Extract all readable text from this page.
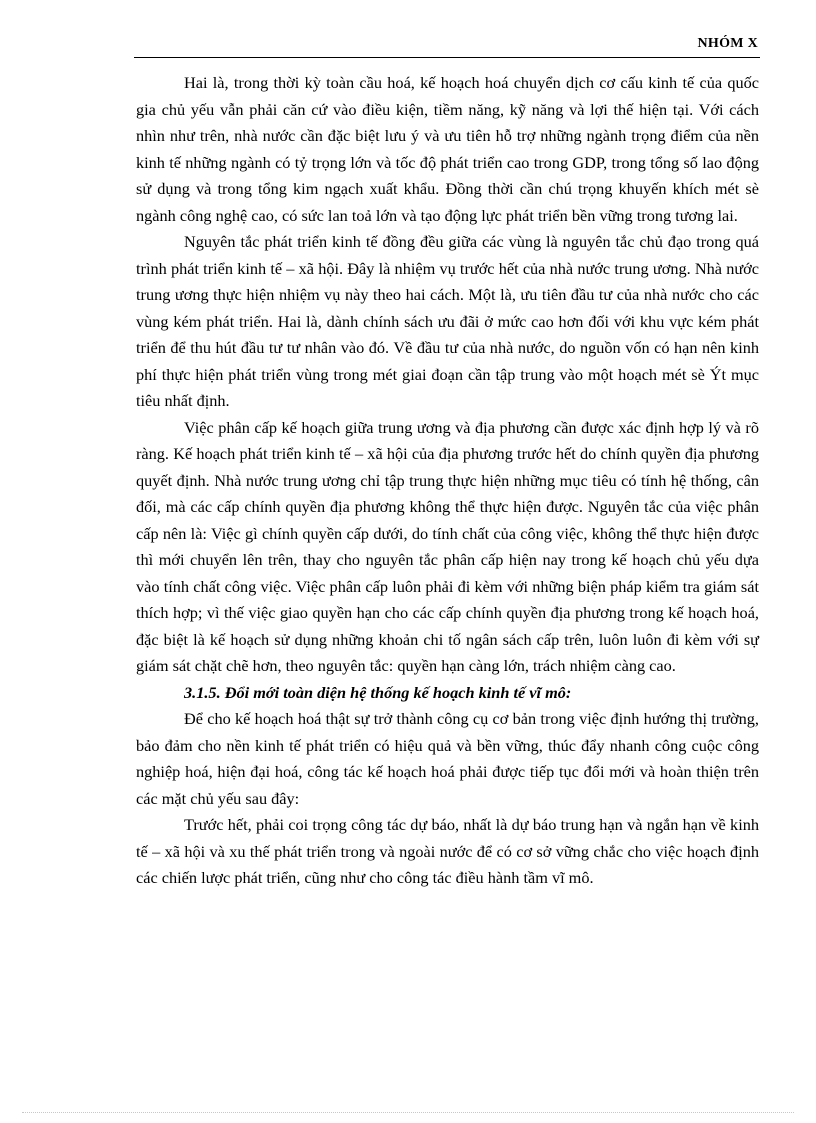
NHÓM X

Hai là, trong thời kỳ toàn cầu hoá, kế hoạch hoá chuyển dịch cơ cấu kinh tế của quốc gia chủ yếu vẫn phải căn cứ vào điều kiện, tiềm năng, kỹ năng và lợi thế hiện tại. Với cách nhìn như trên, nhà nước cần đặc biệt lưu ý và ưu tiên hỗ trợ những ngành trọng điểm của nền kinh tế những ngành có tỷ trọng lớn và tốc độ phát triển cao trong GDP, trong tổng số lao động sử dụng và trong tổng kim ngạch xuất khẩu. Đồng thời cần chú trọng khuyến khích mét sè ngành công nghệ cao, có sức lan toả lớn và tạo động lực phát triển bền vững trong tương lai.

Nguyên tắc phát triển kinh tế đồng đều giữa các vùng là nguyên tắc chủ đạo trong quá trình phát triển kinh tế – xã hội. Đây là nhiệm vụ trước hết của nhà nước trung ương. Nhà nước trung ương thực hiện nhiệm vụ này theo hai cách. Một là, ưu tiên đầu tư của nhà nước cho các vùng kém phát triển. Hai là, dành chính sách ưu đãi ở mức cao hơn đối với khu vực kém phát triển để thu hút đầu tư tư nhân vào đó. Về đầu tư của nhà nước, do nguồn vốn có hạn nên kinh phí thực hiện phát triển vùng trong mét giai đoạn cần tập trung vào một hoạch mét sè Ýt mục tiêu nhất định.

Việc phân cấp kế hoạch giữa trung ương và địa phương cần được xác định hợp lý và rõ ràng. Kế hoạch phát triển kinh tế – xã hội của địa phương trước hết do chính quyền địa phương quyết định. Nhà nước trung ương chỉ tập trung thực hiện những mục tiêu có tính hệ thống, cân đối, mà các cấp chính quyền địa phương không thể thực hiện được. Nguyên tắc của việc phân cấp nên là: Việc gì chính quyền cấp dưới, do tính chất của công việc, không thể thực hiện được thì mới chuyển lên trên, thay cho nguyên tắc phân cấp hiện nay trong kế hoạch chủ yếu dựa vào tính chất công việc. Việc phân cấp luôn phải đi kèm với những biện pháp kiểm tra giám sát thích hợp; vì thế việc giao quyền hạn cho các cấp chính quyền địa phương trong kế hoạch hoá, đặc biệt là kế hoạch sử dụng những khoản chi tố ngân sách cấp trên, luôn luôn đi kèm với sự giám sát chặt chẽ hơn, theo nguyên tắc: quyền hạn càng lớn, trách nhiệm càng cao.

3.1.5. Đổi mới toàn diện hệ thống kế hoạch kinh tế vĩ mô:

Để cho kế hoạch hoá thật sự trở thành công cụ cơ bản trong việc định hướng thị trường, bảo đảm cho nền kinh tế phát triển có hiệu quả và bền vững, thúc đẩy nhanh công cuộc công nghiệp hoá, hiện đại hoá, công tác kế hoạch hoá phải được tiếp tục đổi mới và hoàn thiện trên các mặt chủ yếu sau đây:

Trước hết, phải coi trọng công tác dự báo, nhất là dự báo trung hạn và ngắn hạn về kinh tế – xã hội và xu thế phát triển trong và ngoài nước để có cơ sở vững chắc cho việc hoạch định các chiến lược phát triển, cũng như cho công tác điều hành tầm vĩ mô.
